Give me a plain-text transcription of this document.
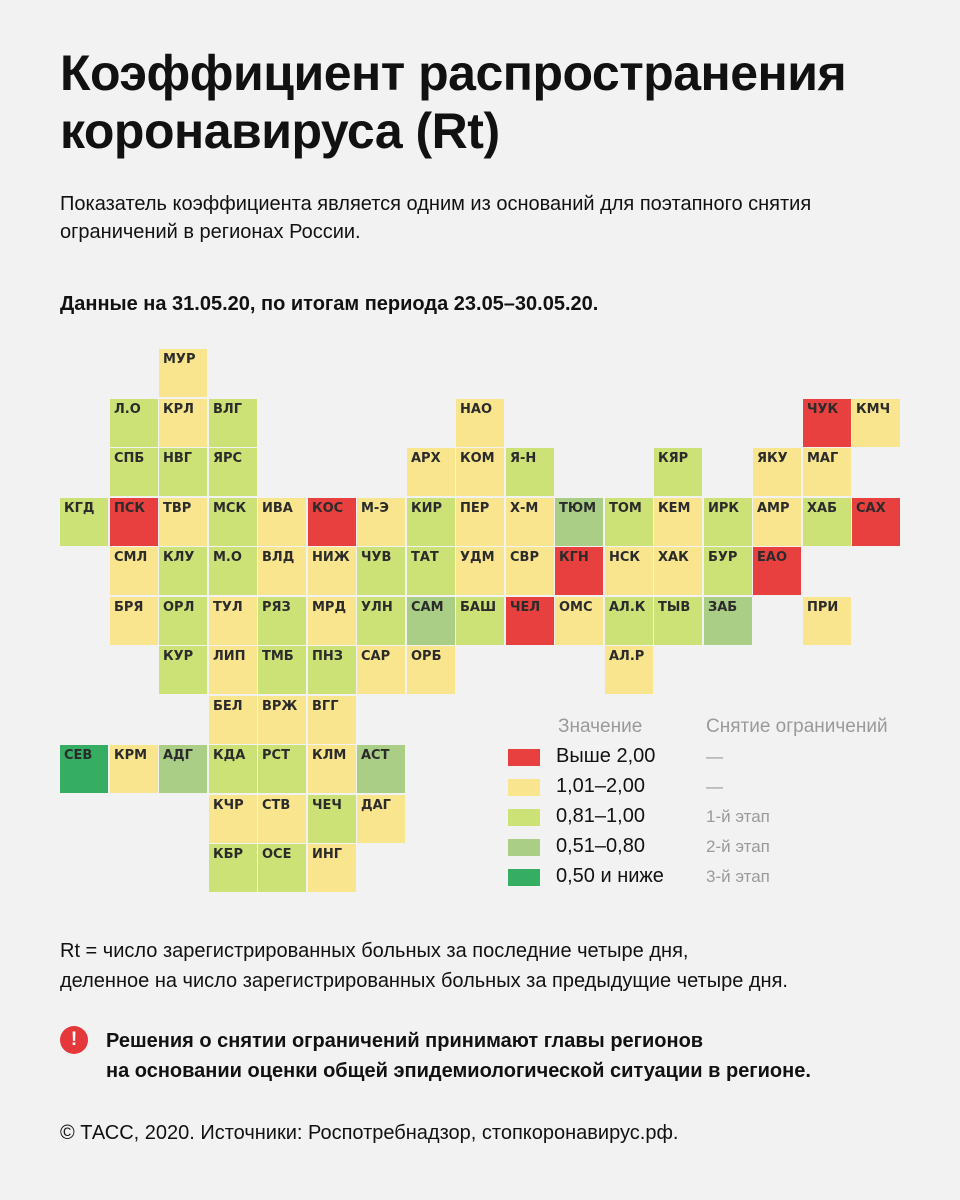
Коэффициент распространения коронавируса (Rt)
Показатель коэффициента является одним из оснований для поэтапного снятия ограничений в регионах России.
Данные на 31.05.20, по итогам периода 23.05–30.05.20.
МУР
Л.О	КРЛ	ВЛГ	НАО	ЧУК	КМЧ
СПБ	НВГ	ЯРС	АРХ	КОМ	Я-Н	КЯР	ЯКУ	МАГ
КГД	ПСК	ТВР	МСК	ИВА	КОС	М-Э	КИР	ПЕР	Х-М	ТЮМ ТОМ	КЕМ	ИРК	АМР	ХАБ	САХ
СМЛ	КЛУ	М.О	ВЛД	НИЖ ЧУВ	ТАТ	УДМ	СВР	КГН	НСК	ХАК	БУР	ЕАО
БРЯ	ОРЛ	ТУЛ	РЯЗ	МРД	УЛН	САМ	БАШ	ЧЕЛ	ОМС	АЛ.К ТЫВ	ЗАБ	ПРИ
КУР	ЛИП	ТМБ	ПНЗ	САР	ОРБ	АЛ.Р
БЕЛ	ВРЖ	ВГГ
СЕВ	КРМ	АДГ	КДА	РСТ	КЛМ	АСТ
КЧР	СТВ	ЧЕЧ	ДАГ
КБР	ОСЕ	ИНГ
Значение	Снятие ограничений
Выше 2,00	—
1,01–2,00	—
0,81–1,00	1-й этап
0,51–0,80	2-й этап
0,50 и ниже 3-й этап
Rt = число зарегистрированных больных за последние четыре дня,
деленное на число зарегистрированных больных за предыдущие четыре дня.
!	Решения о снятии ограничений принимают главы регионов
на основании оценки общей эпидемиологической ситуации в регионе.
© ТАСС, 2020. Источники: Роспотребнадзор, стопкоронавирус.рф.
